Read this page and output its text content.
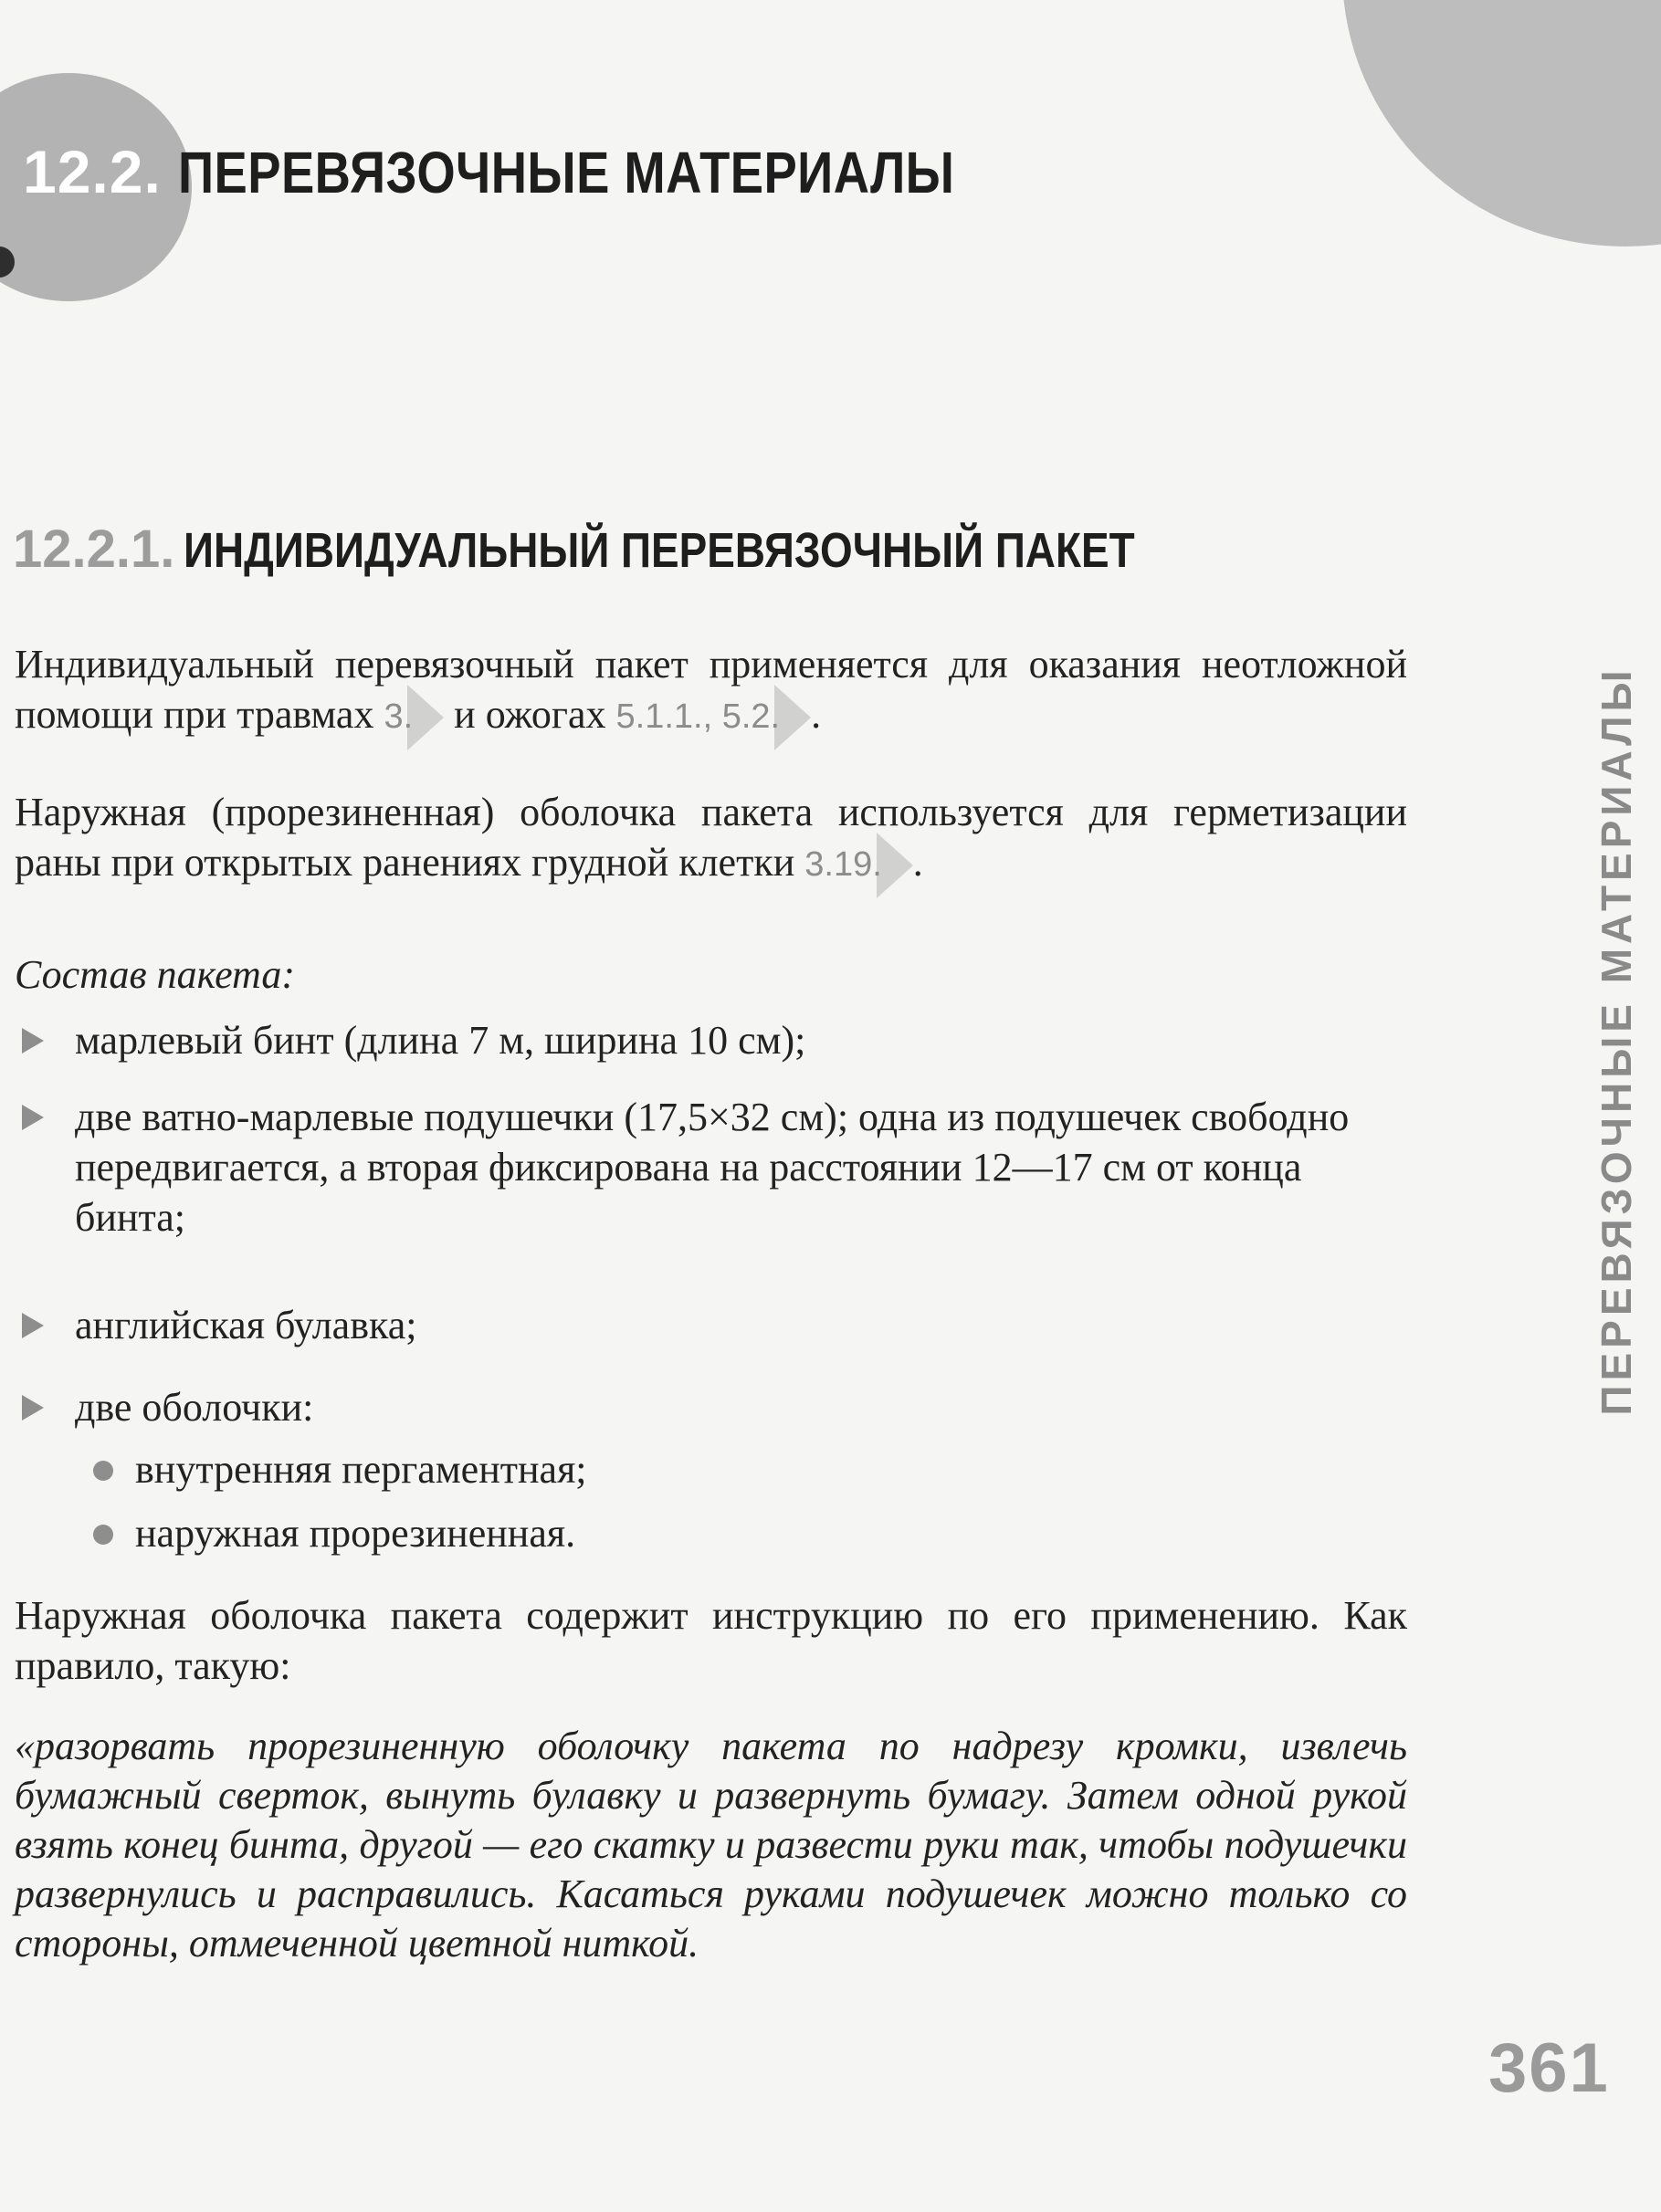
12.2. ПЕРЕВЯЗОЧНЫЕ МАТЕРИАЛЫ
12.2.1. ИНДИВИДУАЛЬНЫЙ ПЕРЕВЯЗОЧНЫЙ ПАКЕТ

Индивидуальный перевязочный пакет применяется для оказания неотложной помощи при травмах
3. и ожогах
5.1.1., 5.2. .

Наружная (прорезиненная) оболочка пакета используется для герметизации раны при открытых ранениях грудной клетки
3.19. .

Состав пакета:
марлевый бинт (длина 7 м, ширина 10 см);
две ватно-марлевые подушечки (17,5×32 см); одна из подушечек свободно передвигается, а вторая фиксирована на расстоянии 12—17 см от конца бинта;
английская булавка;
две оболочки:
внутренняя пергаментная;
наружная прорезиненная.

Наружная оболочка пакета содержит инструкцию по его применению. Как правило, такую:

«разорвать прорезиненную оболочку пакета по надрезу кромки, извлечь бумажный сверток, вынуть булавку и развернуть бумагу. Затем одной рукой взять конец бинта, другой — его скатку и развести руки так, чтобы подушечки развернулись и расправились. Касаться руками подушечек можно только со стороны, отмеченной цветной ниткой.

ПЕРЕВЯЗОЧНЫЕ МАТЕРИАЛЫ
361
